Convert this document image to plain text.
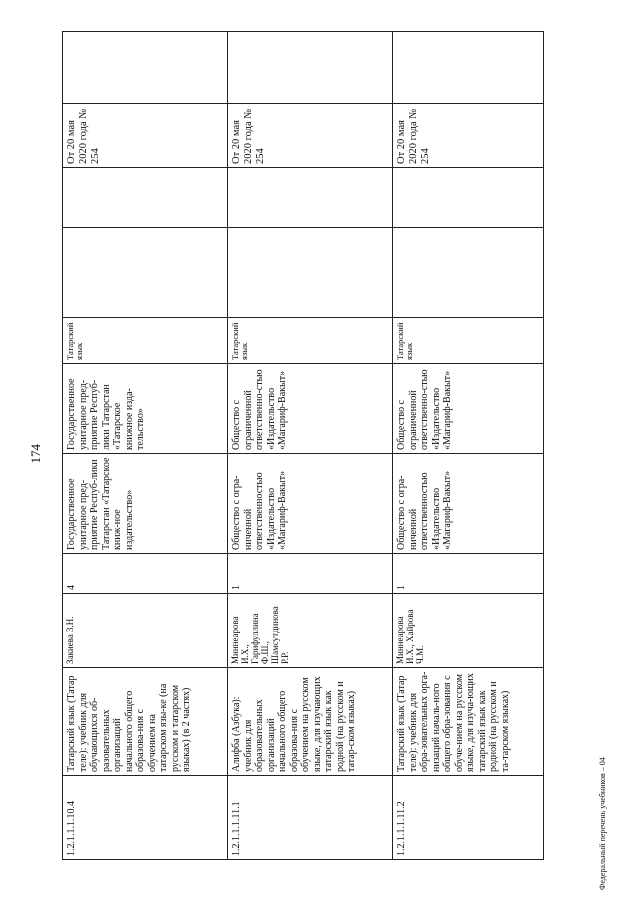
174
1.2.1.1.1.10.4	Татарский язык (Татар теле): учебник для обучающихся об-разовательных организаций начального общего образова-ния с обучением на татарском язы-ке (на русском и татарском языках) (в 2 частях)	Закиева 3.Н.	4	Государственное унитарное пред-приятие Респуб-лики Татарстан «Татарское книж-ное издательство»	Государственное унитарное пред-приятие Респуб-лики Татарстан «Татарское книжное изда-тельство»	Татарский язык			От 20 мая 2020 года № 254	
1.2.1.1.1.11.1	Алифба (Азбука): учебник для образовательных организаций начального общего образова-ния с обучением на русском языке, для изучающих татарский язык как родной (на русском и татар-ском языках)	Миннеарова И.Х., Гарифуллина Ф.Ш., Шамсутдинова Р.Р.	1	Общество с огра-ниченной ответственностью «Издательство «Магариф-Вакыт»	Общество с ограниченной ответственно-стью «Издательство «Магариф-Вакыт»	Татарский язык			От 20 мая 2020 года № 254	
1.2.1.1.1.11.2	Татарский язык (Татар теле): учебник для обра-зовательных орга-низаций началь-ного общего обра-зования с обуче-нием на русском языке, для изуча-ющих татарский язык как родной (на русском и та-тарском языках)	Миннеарова И.Х., Хайрова Ч.М.	1	Общество с огра-ниченной ответственностью «Издательство «Магариф-Вакыт»	Общество с ограниченной ответственно-стью «Издательство «Магариф-Вакыт»	Татарский язык			От 20 мая 2020 года № 254	
Федеральный перечень учебников – 04
